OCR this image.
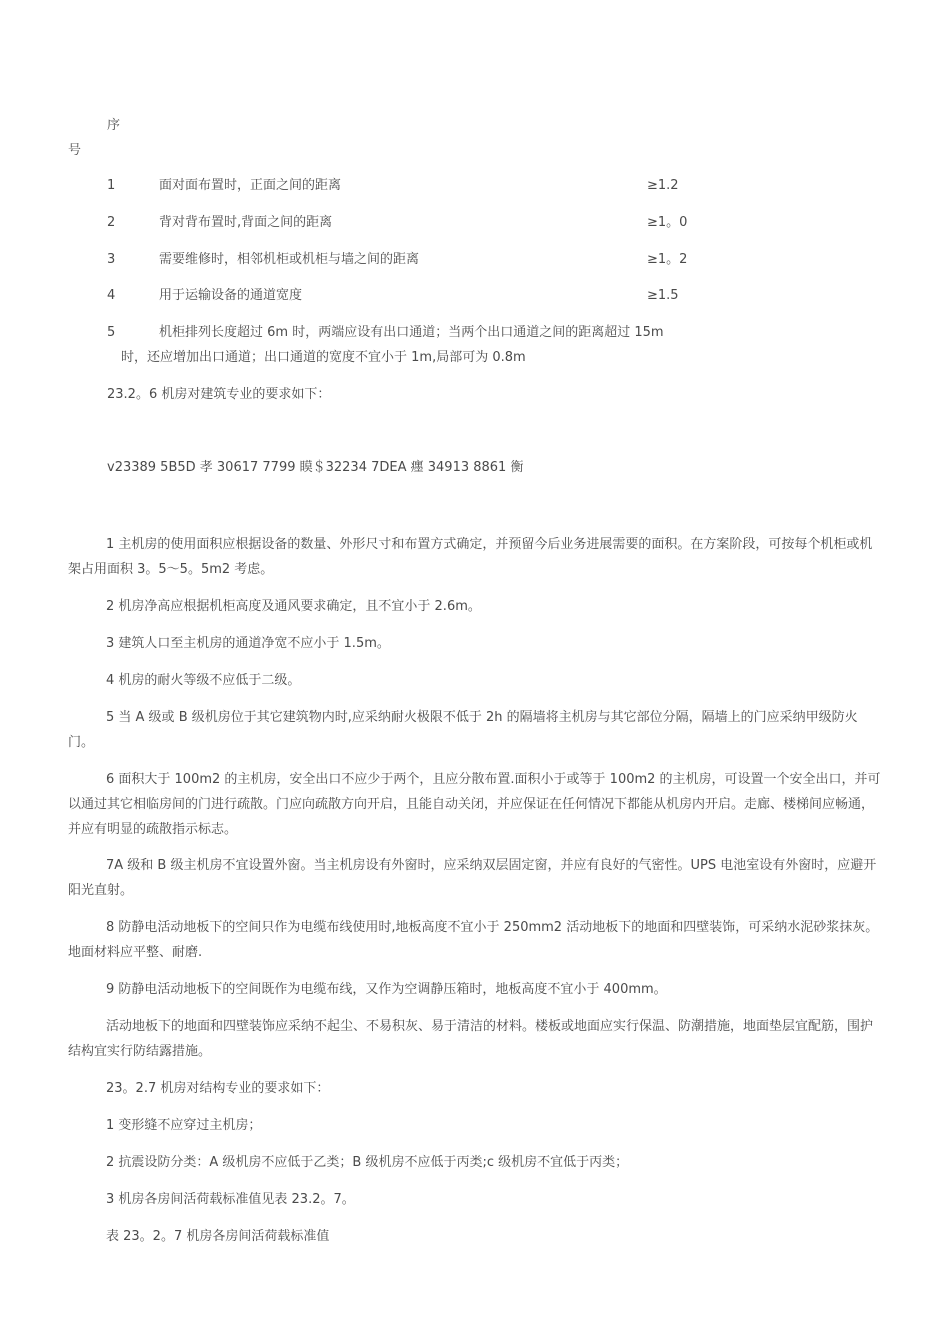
序
号
1	面对面布置时，正面之间的距离	≥1.2
2	背对背布置时,背面之间的距离	≥1。0
3	需要维修时，相邻机柜或机柜与墙之间的距离	≥1。2
4	用于运输设备的通道宽度	≥1.5
5	机柜排列长度超过 6m 时，两端应设有出口通道；当两个出口通道之间的距离超过 15m
时，还应增加出口通道；出口通道的宽度不宜小于 1m,局部可为 0.8m
23.2。6 机房对建筑专业的要求如下：
v23389 5B5D 孝 30617 7799 瞙＄32234 7DEA 癦 34913 8861 衡
1 主机房的使用面积应根据设备的数量、外形尺寸和布置方式确定，并预留今后业务进展需要的面积。在方案阶段，可按每个机柜或机架占用面积 3。5～5。5m2 考虑。
2 机房净高应根据机柜高度及通风要求确定，且不宜小于 2.6m。
3 建筑人口至主机房的通道净宽不应小于 1.5m。
4 机房的耐火等级不应低于二级。
5 当 A 级或 B 级机房位于其它建筑物内时,应采纳耐火极限不低于 2h 的隔墙将主机房与其它部位分隔，隔墙上的门应采纳甲级防火门。
6 面积大于 100m2 的主机房，安全出口不应少于两个，且应分散布置.面积小于或等于 100m2 的主机房，可设置一个安全出口，并可以通过其它相临房间的门进行疏散。门应向疏散方向开启，且能自动关闭，并应保证在任何情况下都能从机房内开启。走廊、楼梯间应畅通，并应有明显的疏散指示标志。
7A 级和 B 级主机房不宜设置外窗。当主机房设有外窗时，应采纳双层固定窗，并应有良好的气密性。UPS 电池室设有外窗时，应避开阳光直射。
8 防静电活动地板下的空间只作为电缆布线使用时,地板高度不宜小于 250mm2 活动地板下的地面和四壁装饰，可采纳水泥砂浆抹灰。地面材料应平整、耐磨.
9 防静电活动地板下的空间既作为电缆布线，又作为空调静压箱时，地板高度不宜小于 400mm。
活动地板下的地面和四壁装饰应采纳不起尘、不易积灰、易于清洁的材料。楼板或地面应实行保温、防潮措施，地面垫层宜配筋，围护结构宜实行防结露措施。
23。2.7 机房对结构专业的要求如下：
1 变形缝不应穿过主机房；
2 抗震设防分类：A 级机房不应低于乙类；B 级机房不应低于丙类;c 级机房不宜低于丙类；
3 机房各房间活荷载标准值见表 23.2。7。
表 23。2。7 机房各房间活荷载标准值
